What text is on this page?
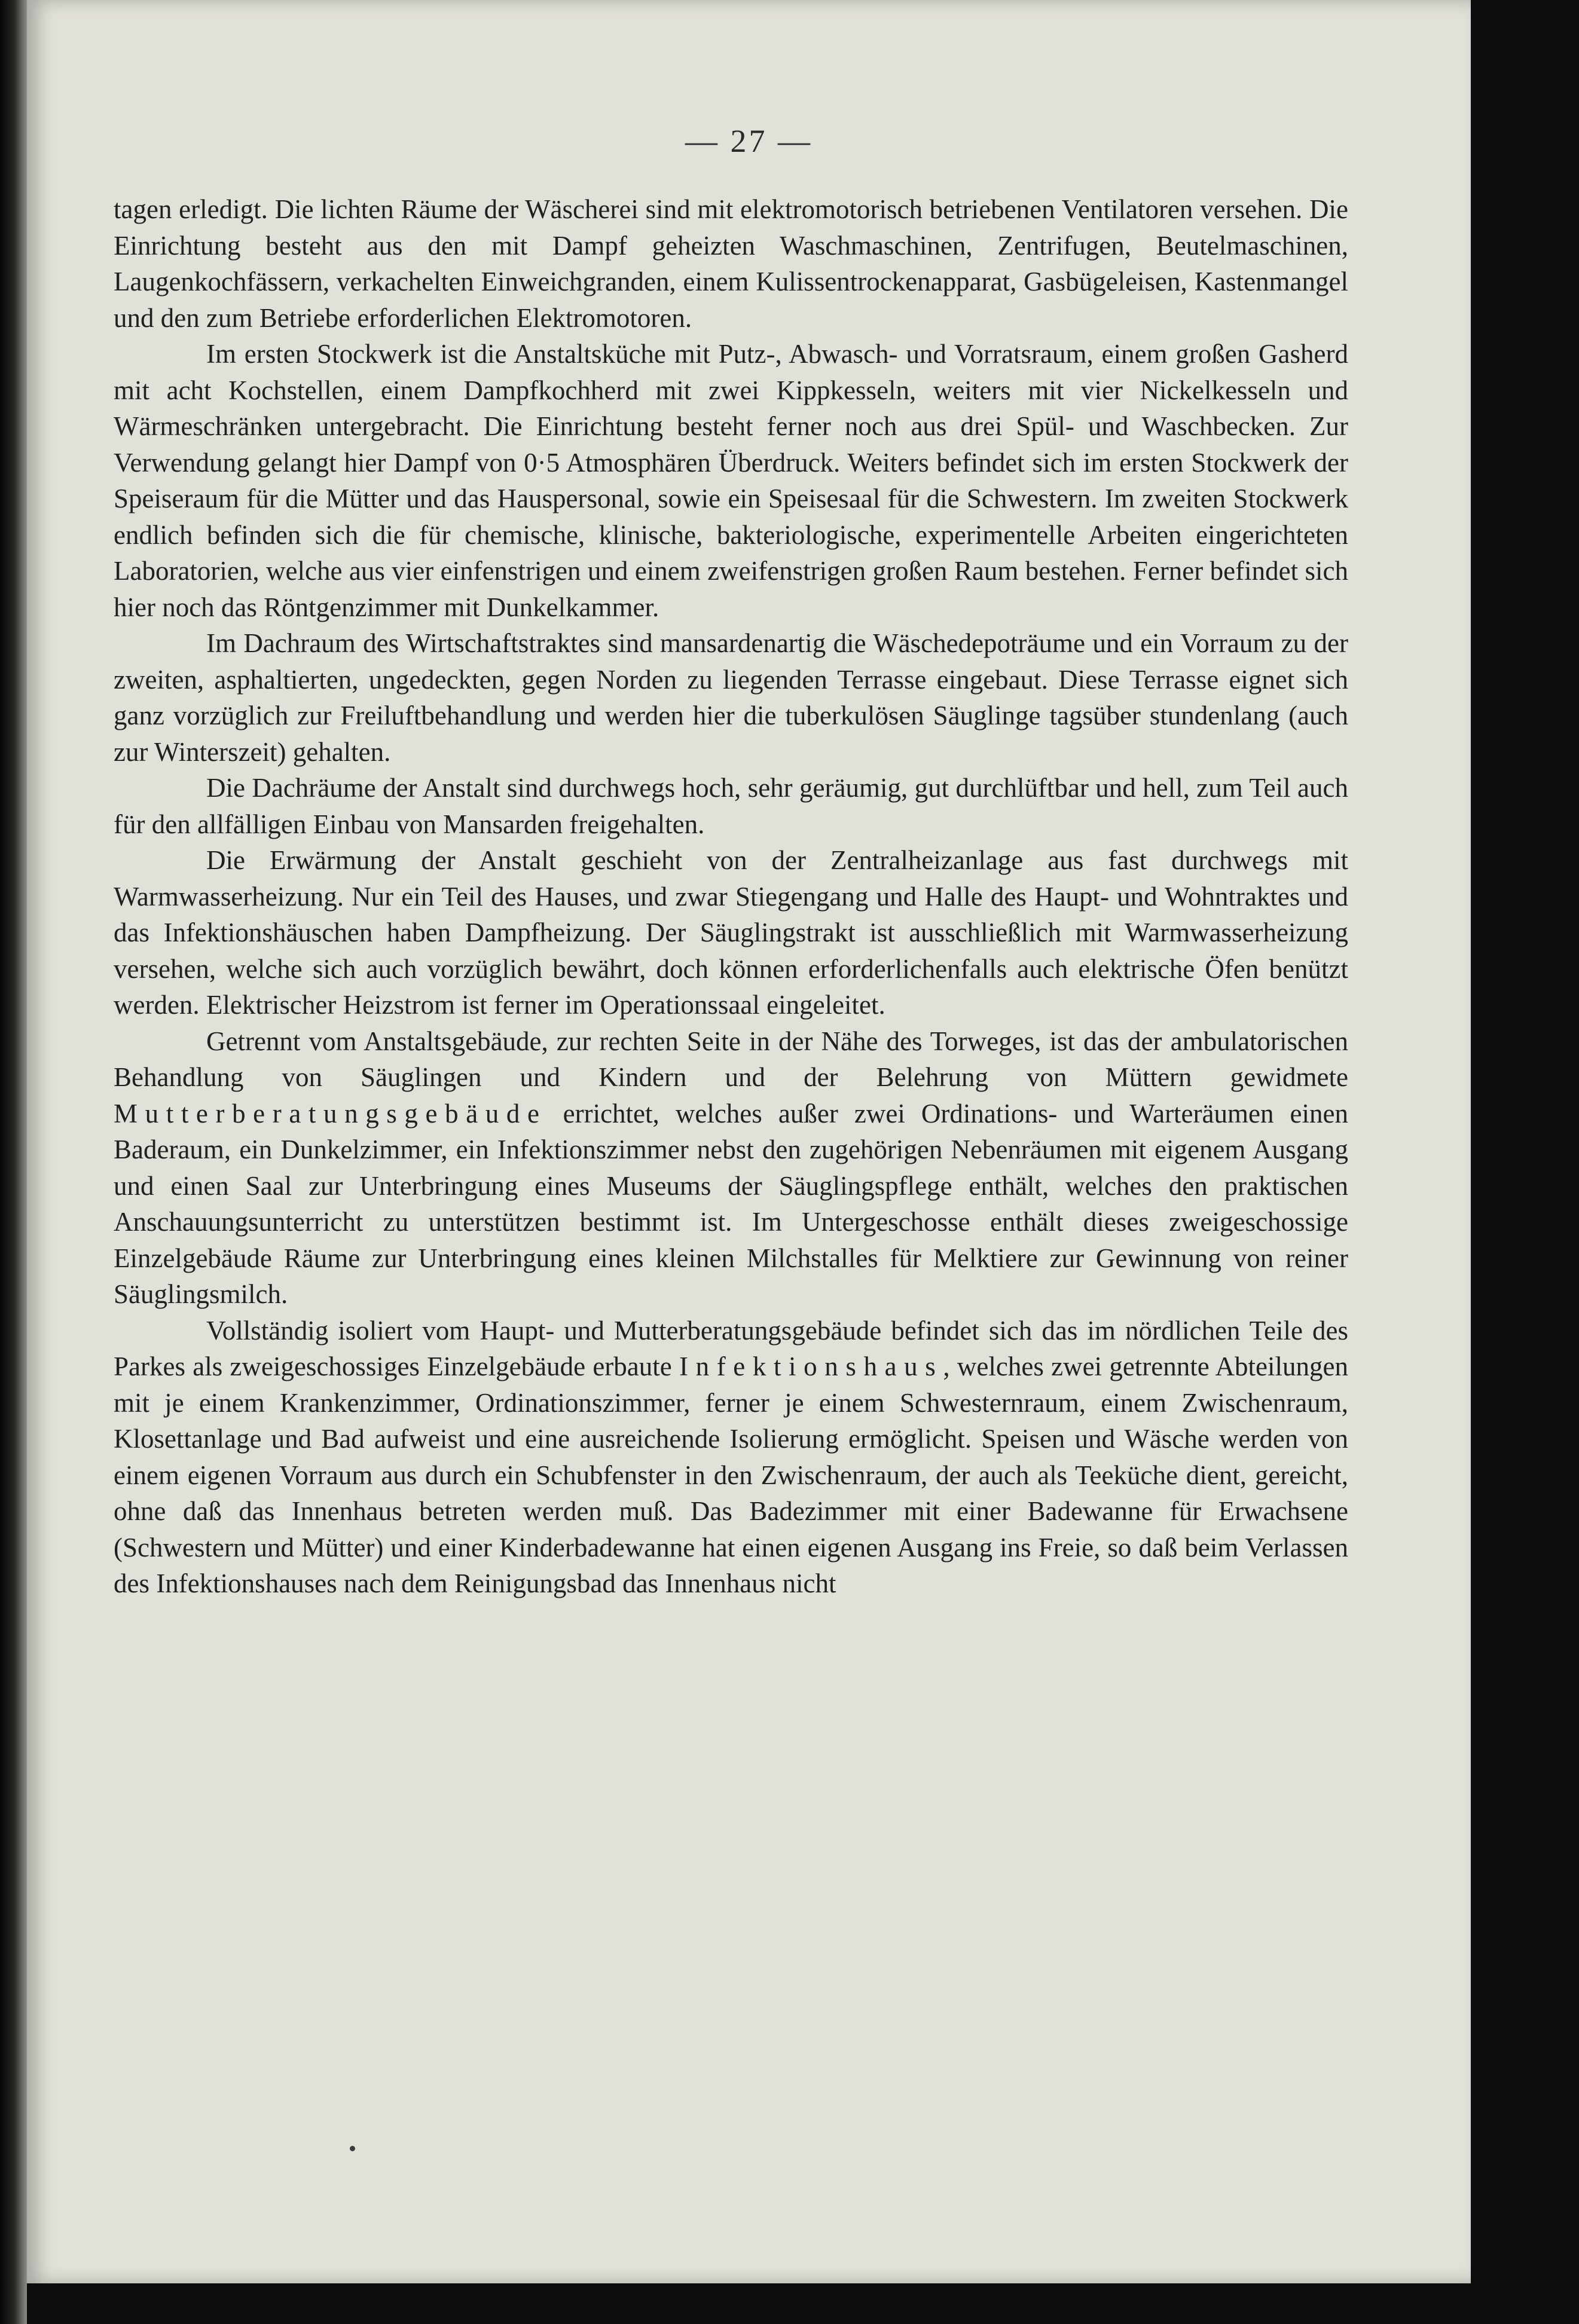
— 27 —

tagen erledigt. Die lichten Räume der Wäscherei sind mit elektromotorisch betriebenen Ventilatoren versehen. Die Einrichtung besteht aus den mit Dampf geheizten Waschmaschinen, Zentrifugen, Beutelmaschinen, Laugenkochfässern, verkachelten Einweichgranden, einem Kulissentrockenapparat, Gasbügeleisen, Kastenmangel und den zum Betriebe erforderlichen Elektromotoren.

Im ersten Stockwerk ist die Anstaltsküche mit Putz-, Abwasch- und Vorratsraum, einem großen Gasherd mit acht Kochstellen, einem Dampfkochherd mit zwei Kippkesseln, weiters mit vier Nickelkesseln und Wärmeschränken untergebracht. Die Einrichtung besteht ferner noch aus drei Spül- und Waschbecken. Zur Verwendung gelangt hier Dampf von 0·5 Atmosphären Überdruck. Weiters befindet sich im ersten Stockwerk der Speiseraum für die Mütter und das Hauspersonal, sowie ein Speisesaal für die Schwestern. Im zweiten Stockwerk endlich befinden sich die für chemische, klinische, bakteriologische, experimentelle Arbeiten eingerichteten Laboratorien, welche aus vier einfenstrigen und einem zweifenstrigen großen Raum bestehen. Ferner befindet sich hier noch das Röntgenzimmer mit Dunkelkammer.

Im Dachraum des Wirtschaftstraktes sind mansardenartig die Wäschedepoträume und ein Vorraum zu der zweiten, asphaltierten, ungedeckten, gegen Norden zu liegenden Terrasse eingebaut. Diese Terrasse eignet sich ganz vorzüglich zur Freiluftbehandlung und werden hier die tuberkulösen Säuglinge tagsüber stundenlang (auch zur Winterszeit) gehalten.

Die Dachräume der Anstalt sind durchwegs hoch, sehr geräumig, gut durchlüftbar und hell, zum Teil auch für den allfälligen Einbau von Mansarden freigehalten.

Die Erwärmung der Anstalt geschieht von der Zentralheizanlage aus fast durchwegs mit Warmwasserheizung. Nur ein Teil des Hauses, und zwar Stiegengang und Halle des Haupt- und Wohntraktes und das Infektionshäuschen haben Dampfheizung. Der Säuglingstrakt ist ausschließlich mit Warmwasserheizung versehen, welche sich auch vorzüglich bewährt, doch können erforderlichenfalls auch elektrische Öfen benützt werden. Elektrischer Heizstrom ist ferner im Operationssaal eingeleitet.

Getrennt vom Anstaltsgebäude, zur rechten Seite in der Nähe des Torweges, ist das der ambulatorischen Behandlung von Säuglingen und Kindern und der Belehrung von Müttern gewidmete Mutterberatungsgebäude errichtet, welches außer zwei Ordinations- und Warteräumen einen Baderaum, ein Dunkelzimmer, ein Infektionszimmer nebst den zugehörigen Nebenräumen mit eigenem Ausgang und einen Saal zur Unterbringung eines Museums der Säuglingspflege enthält, welches den praktischen Anschauungsunterricht zu unterstützen bestimmt ist. Im Untergeschosse enthält dieses zweigeschossige Einzelgebäude Räume zur Unterbringung eines kleinen Milchstalles für Melktiere zur Gewinnung von reiner Säuglingsmilch.

Vollständig isoliert vom Haupt- und Mutterberatungsgebäude befindet sich das im nördlichen Teile des Parkes als zweigeschossiges Einzelgebäude erbaute Infektionshaus, welches zwei getrennte Abteilungen mit je einem Krankenzimmer, Ordinationszimmer, ferner je einem Schwesternraum, einem Zwischenraum, Klosettanlage und Bad aufweist und eine ausreichende Isolierung ermöglicht. Speisen und Wäsche werden von einem eigenen Vorraum aus durch ein Schubfenster in den Zwischenraum, der auch als Teeküche dient, gereicht, ohne daß das Innenhaus betreten werden muß. Das Badezimmer mit einer Badewanne für Erwachsene (Schwestern und Mütter) und einer Kinderbadewanne hat einen eigenen Ausgang ins Freie, so daß beim Verlassen des Infektionshauses nach dem Reinigungsbad das Innenhaus nicht
